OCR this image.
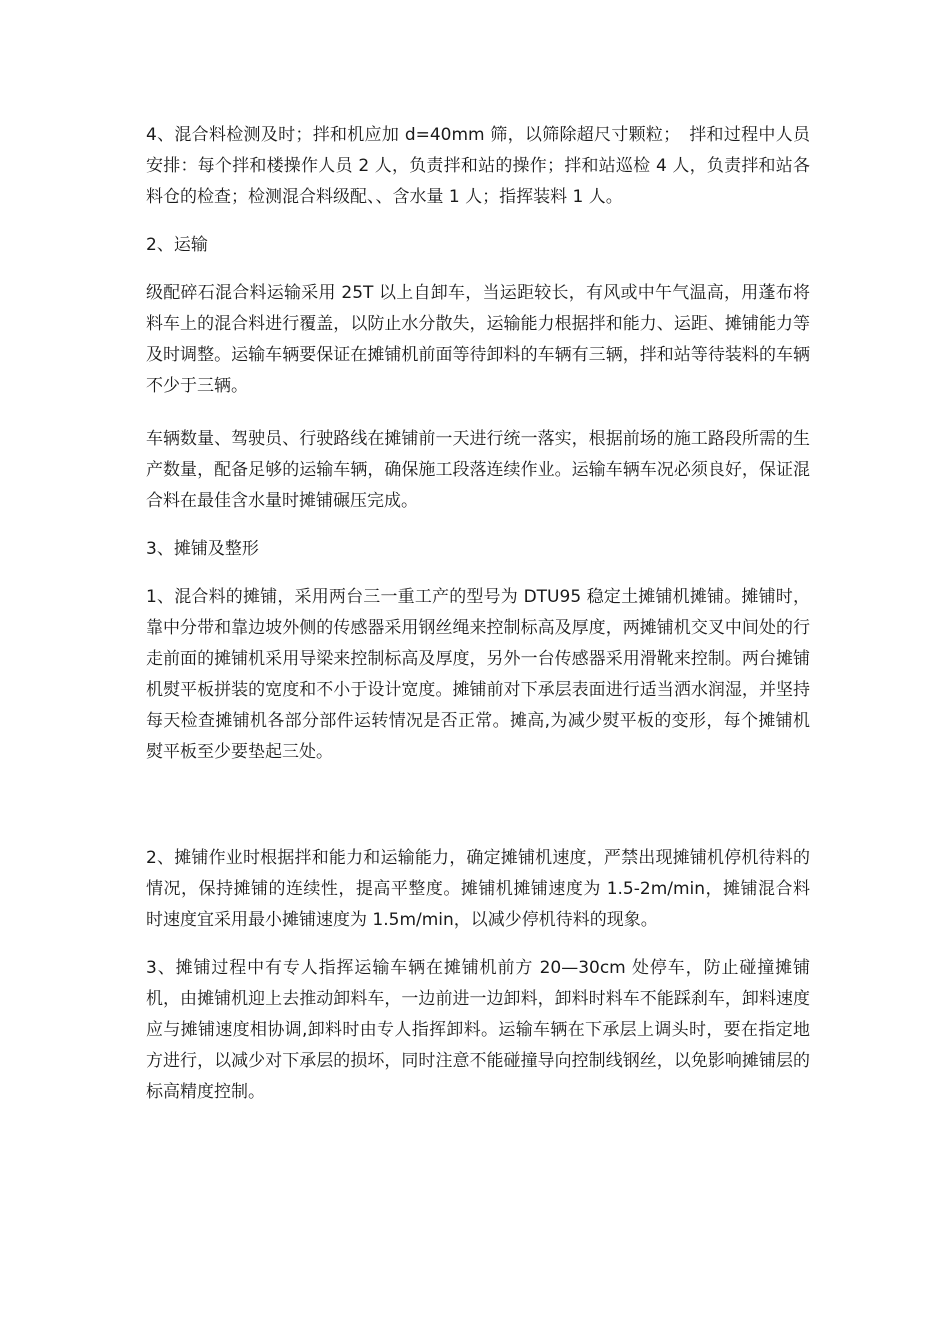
4、混合料检测及时；拌和机应加 d=40mm 筛，以筛除超尺寸颗粒；　拌和过程中人员安排：每个拌和楼操作人员 2 人，负责拌和站的操作；拌和站巡检 4 人，负责拌和站各料仓的检查；检测混合料级配、、含水量 1 人；指挥装料 1 人。

2、运输

级配碎石混合料运输采用 25T 以上自卸车，当运距较长，有风或中午气温高，用蓬布将料车上的混合料进行覆盖，以防止水分散失，运输能力根据拌和能力、运距、摊铺能力等及时调整。运输车辆要保证在摊铺机前面等待卸料的车辆有三辆，拌和站等待装料的车辆不少于三辆。

车辆数量、驾驶员、行驶路线在摊铺前一天进行统一落实，根据前场的施工路段所需的生产数量，配备足够的运输车辆，确保施工段落连续作业。运输车辆车况必须良好，保证混合料在最佳含水量时摊铺碾压完成。

3、摊铺及整形

1、混合料的摊铺，采用两台三一重工产的型号为 DTU95 稳定土摊铺机摊铺。摊铺时，靠中分带和靠边坡外侧的传感器采用钢丝绳来控制标高及厚度，两摊铺机交叉中间处的行走前面的摊铺机采用导梁来控制标高及厚度，另外一台传感器采用滑靴来控制。两台摊铺机熨平板拼装的宽度和不小于设计宽度。摊铺前对下承层表面进行适当洒水润湿，并坚持每天检查摊铺机各部分部件运转情况是否正常。摊高,为减少熨平板的变形，每个摊铺机熨平板至少要垫起三处。

2、摊铺作业时根据拌和能力和运输能力，确定摊铺机速度，严禁出现摊铺机停机待料的情况，保持摊铺的连续性，提高平整度。摊铺机摊铺速度为 1.5-2m/min，摊铺混合料时速度宜采用最小摊铺速度为 1.5m/min，以减少停机待料的现象。

3、摊铺过程中有专人指挥运输车辆在摊铺机前方 20—30cm 处停车，防止碰撞摊铺机，由摊铺机迎上去推动卸料车，一边前进一边卸料，卸料时料车不能踩刹车，卸料速度应与摊铺速度相协调,卸料时由专人指挥卸料。运输车辆在下承层上调头时，要在指定地方进行，以减少对下承层的损坏，同时注意不能碰撞导向控制线钢丝，以免影响摊铺层的标高精度控制。
